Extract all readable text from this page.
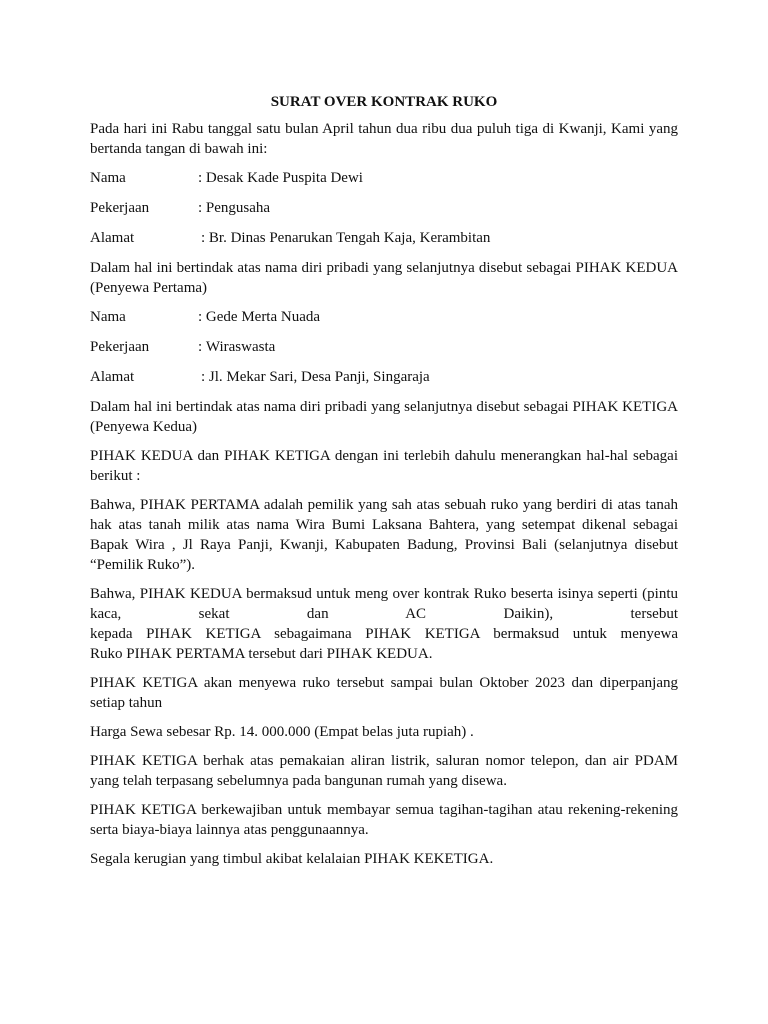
SURAT OVER KONTRAK RUKO

Pada hari ini Rabu tanggal satu bulan April tahun dua ribu dua puluh tiga di Kwanji, Kami yang bertanda tangan di bawah ini:

Nama	: Desak Kade Puspita Dewi
Pekerjaan	: Pengusaha
Alamat	: Br. Dinas Penarukan Tengah Kaja, Kerambitan

Dalam hal ini bertindak atas nama diri pribadi yang selanjutnya disebut sebagai PIHAK KEDUA (Penyewa Pertama)

Nama	: Gede Merta Nuada
Pekerjaan	: Wiraswasta
Alamat	: Jl. Mekar Sari, Desa Panji, Singaraja

Dalam hal ini bertindak atas nama diri pribadi yang selanjutnya disebut sebagai PIHAK KETIGA (Penyewa Kedua)

PIHAK KEDUA dan PIHAK KETIGA dengan ini terlebih dahulu menerangkan hal-hal sebagai berikut :

Bahwa, PIHAK PERTAMA adalah pemilik yang sah atas sebuah ruko yang berdiri di atas tanah hak atas tanah milik atas nama Wira Bumi Laksana Bahtera, yang setempat dikenal sebagai Bapak Wira , Jl Raya Panji, Kwanji, Kabupaten Badung, Provinsi Bali (selanjutnya disebut “Pemilik Ruko”).

Bahwa, PIHAK KEDUA bermaksud untuk meng over kontrak Ruko beserta isinya seperti (pintu
kaca, sekat dan AC Daikin), tersebut
kepada PIHAK KETIGA sebagaimana PIHAK KETIGA bermaksud untuk menyewa
Ruko PIHAK PERTAMA tersebut dari PIHAK KEDUA.

PIHAK KETIGA akan menyewa ruko tersebut sampai bulan Oktober 2023 dan diperpanjang setiap tahun

Harga Sewa sebesar Rp. 14. 000.000 (Empat belas juta rupiah) .

PIHAK KETIGA berhak atas pemakaian aliran listrik, saluran nomor telepon, dan air PDAM yang telah terpasang sebelumnya pada bangunan rumah yang disewa.

PIHAK KETIGA berkewajiban untuk membayar semua tagihan-tagihan atau rekening-rekening serta biaya-biaya lainnya atas penggunaannya.

Segala kerugian yang timbul akibat kelalaian PIHAK KEKETIGA.
